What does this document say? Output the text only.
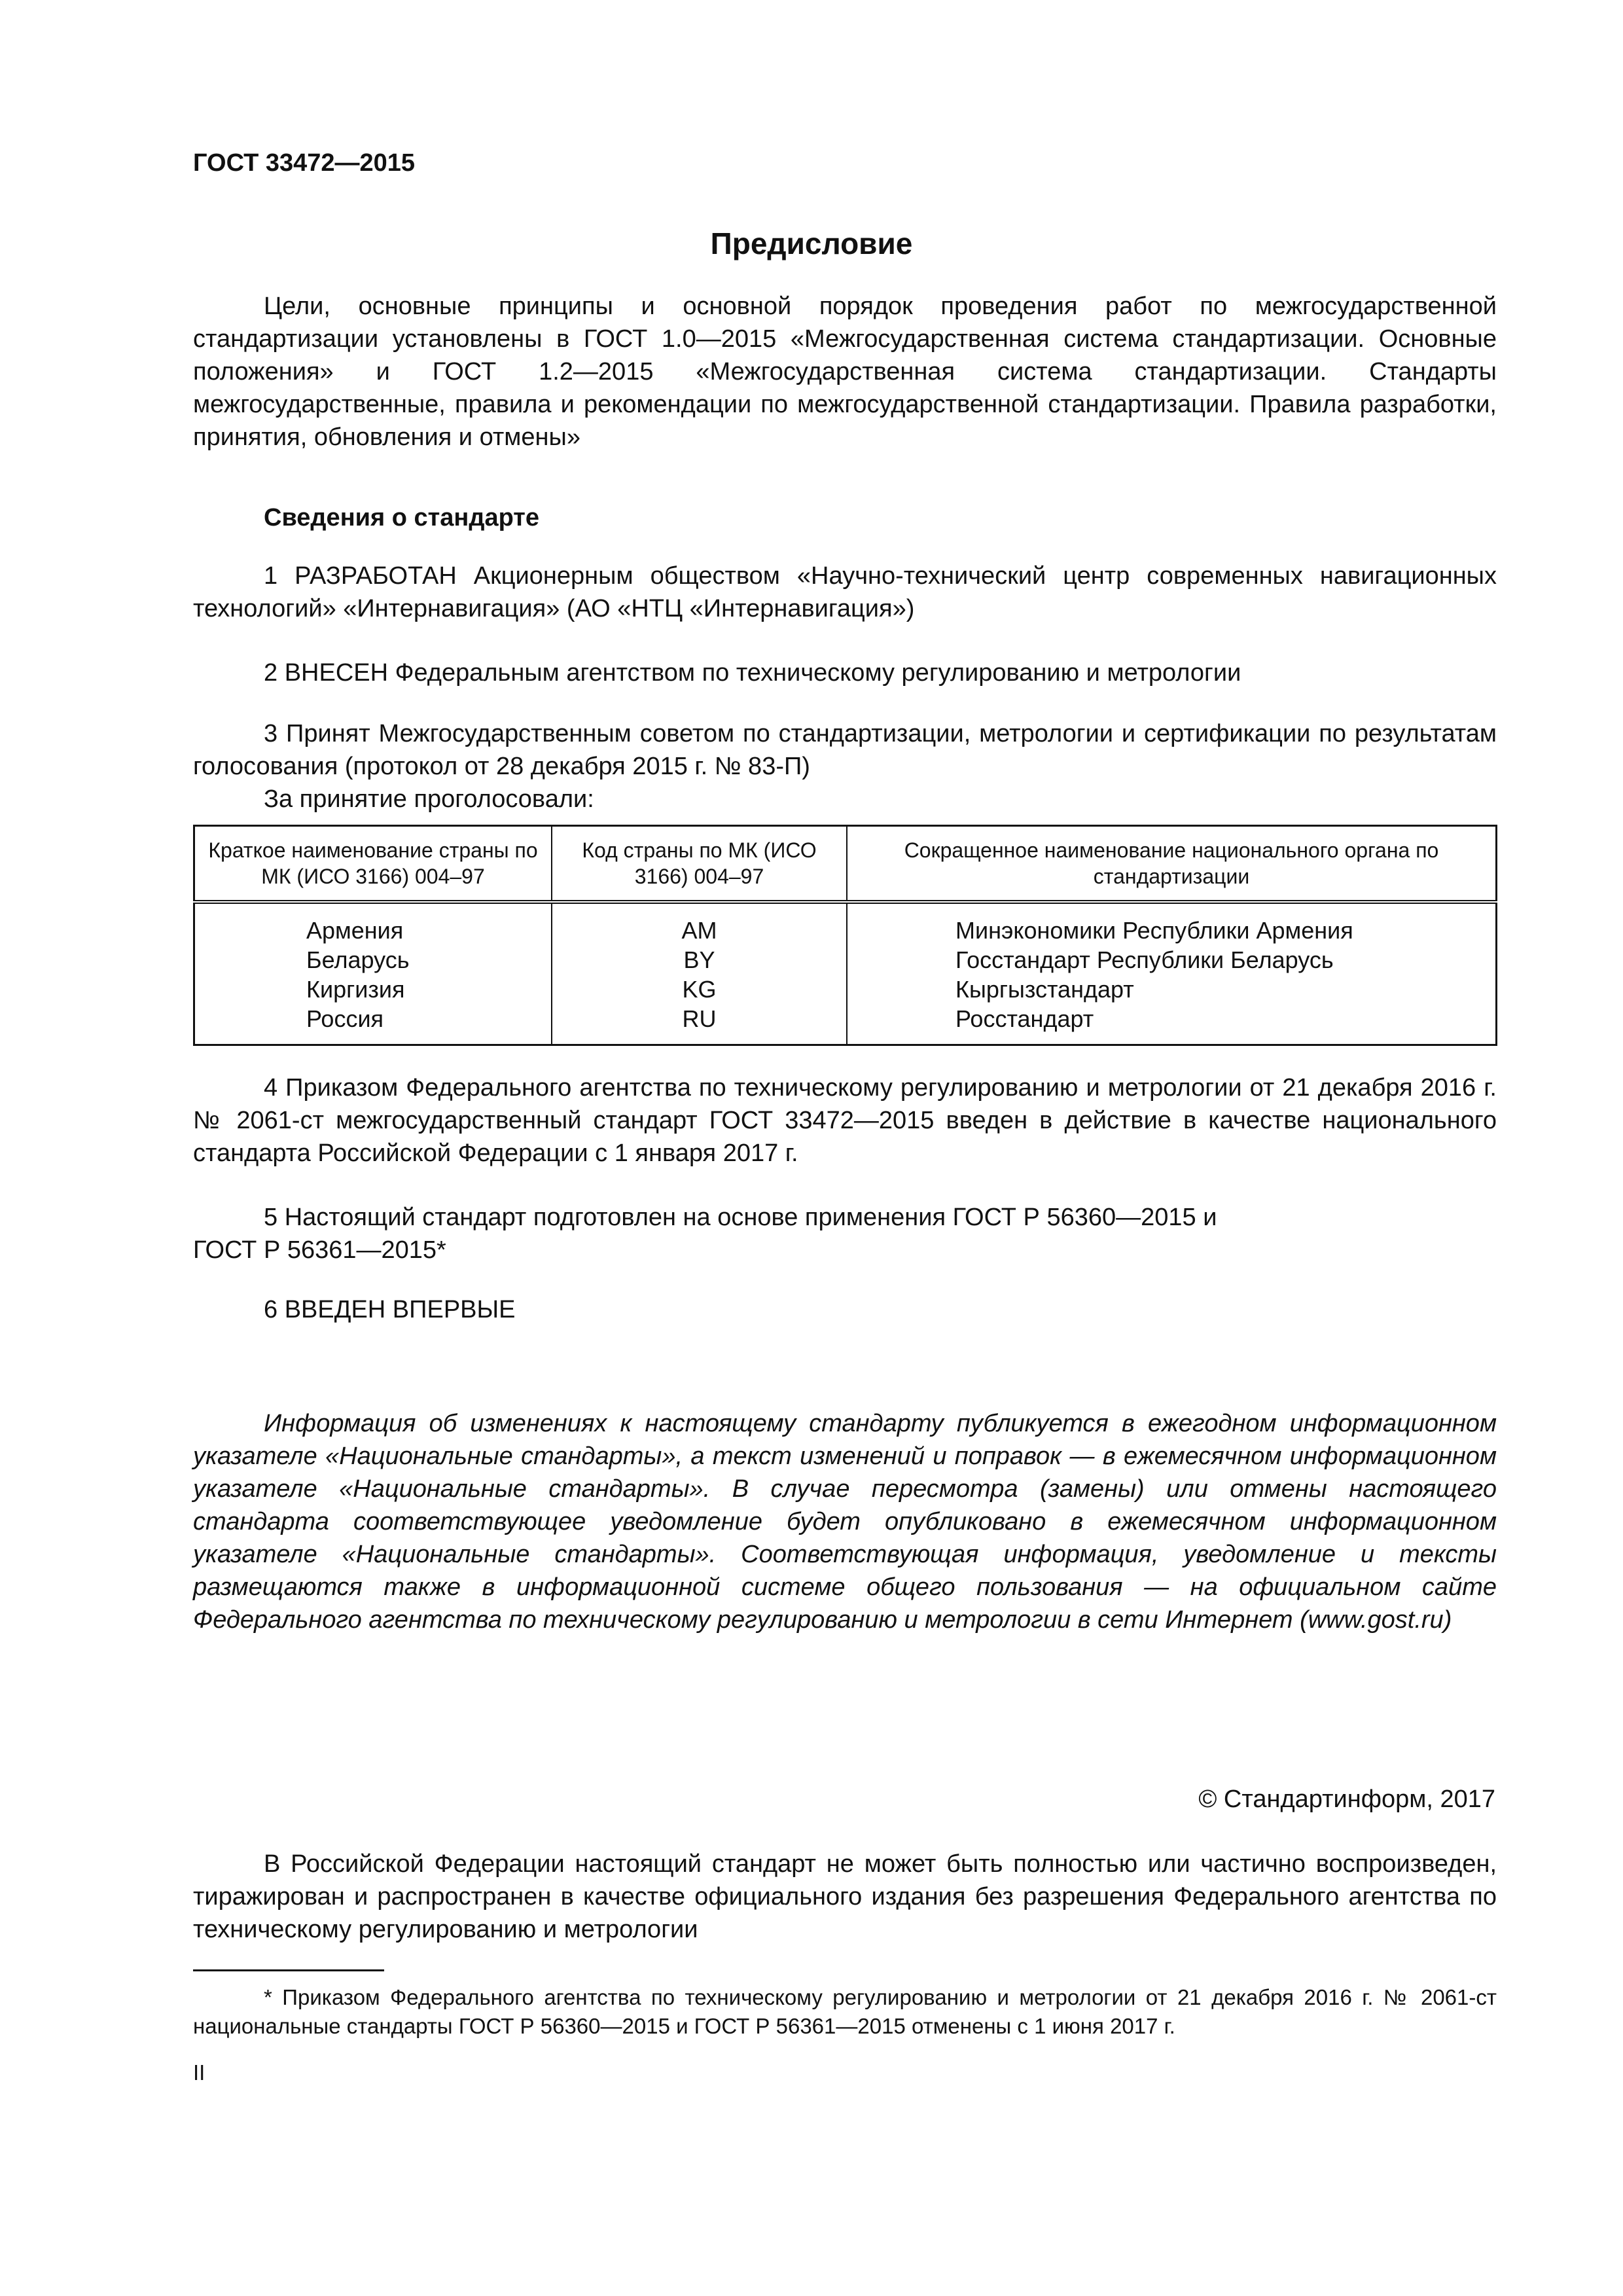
ГОСТ 33472—2015
Предисловие

Цели, основные принципы и основной порядок проведения работ по межгосударственной стандартизации установлены в ГОСТ 1.0—2015 «Межгосударственная система стандартизации. Основные положения» и ГОСТ 1.2—2015 «Межгосударственная система стандартизации. Стандарты межгосударственные, правила и рекомендации по межгосударственной стандартизации. Правила разработки, принятия, обновления и отмены»

Сведения о стандарте

1 РАЗРАБОТАН Акционерным обществом «Научно-технический центр современных навигационных технологий» «Интернавигация» (АО «НТЦ «Интернавигация»)

2 ВНЕСЕН Федеральным агентством по техническому регулированию и метрологии

3 Принят Межгосударственным советом по стандартизации, метрологии и сертификации по результатам голосования (протокол от 28 декабря 2015 г. № 83-П)

За принятие проголосовали:

Краткое наименование страны по МК (ИСО 3166) 004–97	Код страны по МК (ИСО 3166) 004–97	Сокращенное наименование национального органа по стандартизации
Армения	AM	Минэкономики Республики Армения
Беларусь	BY	Госстандарт Республики Беларусь
Киргизия	KG	Кыргызстандарт
Россия	RU	Росстандарт

4 Приказом Федерального агентства по техническому регулированию и метрологии от 21 декабря 2016 г. № 2061-ст межгосударственный стандарт ГОСТ 33472—2015 введен в действие в качестве национального стандарта Российской Федерации с 1 января 2017 г.

5 Настоящий стандарт подготовлен на основе применения ГОСТ Р 56360—2015 и

ГОСТ Р 56361—2015*

6 ВВЕДЕН ВПЕРВЫЕ

Информация об изменениях к настоящему стандарту публикуется в ежегодном информационном указателе «Национальные стандарты», а текст изменений и поправок — в ежемесячном информационном указателе «Национальные стандарты». В случае пересмотра (замены) или отмены настоящего стандарта соответствующее уведомление будет опубликовано в ежемесячном информационном указателе «Национальные стандарты». Соответствующая информация, уведомление и тексты размещаются также в информационной системе общего пользования — на официальном сайте Федерального агентства по техническому регулированию и метрологии в сети Интернет (www.gost.ru)

© Стандартинформ, 2017

В Российской Федерации настоящий стандарт не может быть полностью или частично воспроизведен, тиражирован и распространен в качестве официального издания без разрешения Федерального агентства по техническому регулированию и метрологии

* Приказом Федерального агентства по техническому регулированию и метрологии от 21 декабря 2016 г. № 2061-ст национальные стандарты ГОСТ Р 56360—2015 и ГОСТ Р 56361—2015 отменены с 1 июня 2017 г.

II
